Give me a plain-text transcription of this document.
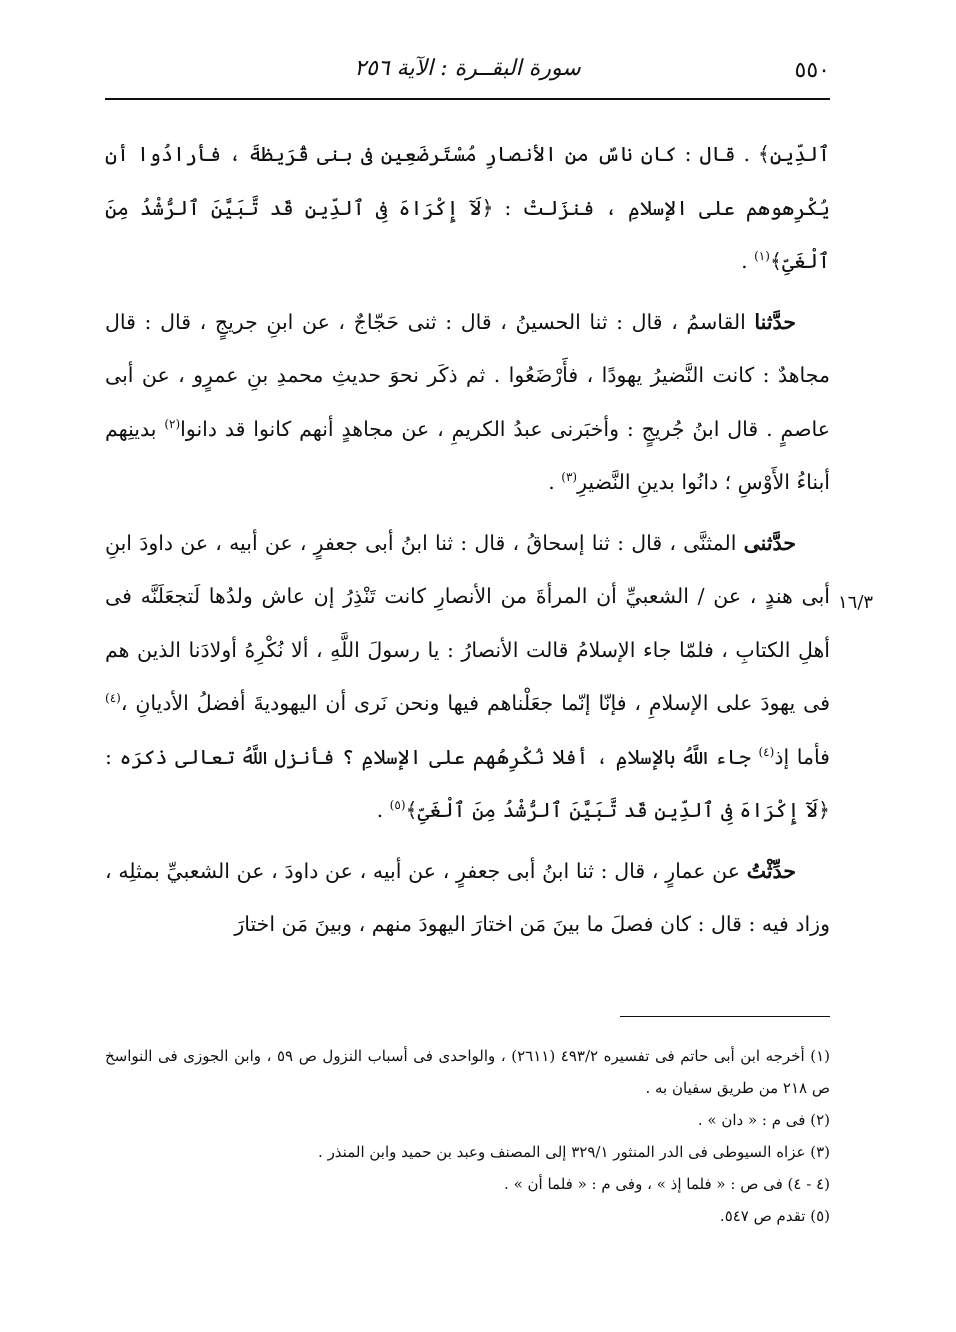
٥٥٠
سورة البقــرة : الآية ٢٥٦
١٦/٣

ٱلدِّينِ﴾ . قال : كان ناسٌ من الأنصارِ مُسْتَرضَعِين فى بنى قُرَيظةَ ، فأرادُوا أن يُكْرِهوهم على الإسلامِ ، فنزَلتْ : ﴿لَآ إِكْرَاهَ فِى ٱلدِّينِ قَد تَّبَيَّنَ ٱلرُّشْدُ مِنَ ٱلْغَىِّ﴾$^{(١)}$ .

حدَّثنا القاسمُ ، قال : ثنا الحسينُ ، قال : ثنى حَجّاجٌ ، عن ابنِ جريجٍ ، قال : قال مجاهدٌ : كانت النَّضيرُ يهودًا ، فأَرْضَعُوا . ثم ذكَر نحوَ حديثِ محمدِ بنِ عمرٍو ، عن أبى عاصمٍ . قال ابنُ جُريجٍ : وأخبَرنى عبدُ الكريمِ ، عن مجاهدٍ أنهم كانوا قد دانوا$^{(٢)}$ بدينِهم أبناءُ الأَوْسِ ؛ دانُوا بدينِ النَّضيرِ$^{(٣)}$ .

حدَّثنى المثنَّى ، قال : ثنا إسحاقُ ، قال : ثنا ابنُ أبى جعفرٍ ، عن أبيه ، عن داودَ ابنِ أبى هندٍ ، عن / الشعبيِّ أن المرأةَ من الأنصارِ كانت تَنْذِرُ إن عاش ولدُها لَتجعَلَنَّه فى أهلِ الكتابِ ، فلمّا جاء الإسلامُ قالت الأنصارُ : يا رسولَ اللَّهِ ، ألا نُكْرِهُ أولادَنا الذين هم فى يهودَ على الإسلامِ ، فإنّا إنّما جعَلْناهم فيها ونحن نَرى أن اليهوديةَ أفضلُ الأديانِ ،$^{(٤)}$ فأما إذ$^{(٤)}$ جاء اللَّهُ بالإسلامِ ، أفلا نُكْرِهُهم على الإسلامِ ؟ فأنزل اللَّهُ تعالى ذكرَه : ﴿لَآ إِكْرَاهَ فِى ٱلدِّينِ قَد تَّبَيَّنَ ٱلرُّشْدُ مِنَ ٱلْغَىِّ﴾$^{(٥)}$ .

حدِّثْتُ عن عمارٍ ، قال : ثنا ابنُ أبى جعفرٍ ، عن أبيه ، عن داودَ ، عن الشعبيِّ بمثلِه ، وزاد فيه : قال : كان فصلَ ما بينَ مَن اختارَ اليهودَ منهم ، وبينَ مَن اختارَ

(١) أخرجه ابن أبى حاتم فى تفسيره ٤٩٣/٢ (٢٦١١) ، والواحدى فى أسباب النزول ص ٥٩ ، وابن الجوزى فى النواسخ ص ٢١٨ من طريق سفيان به .
(٢) فى م : « دان » .
(٣) عزاه السيوطى فى الدر المنثور ٣٢٩/١ إلى المصنف وعبد بن حميد وابن المنذر .
(٤ - ٤) فى ص : « فلما إذ » ، وفى م : « فلما أن » .
(٥) تقدم ص ٥٤٧.
